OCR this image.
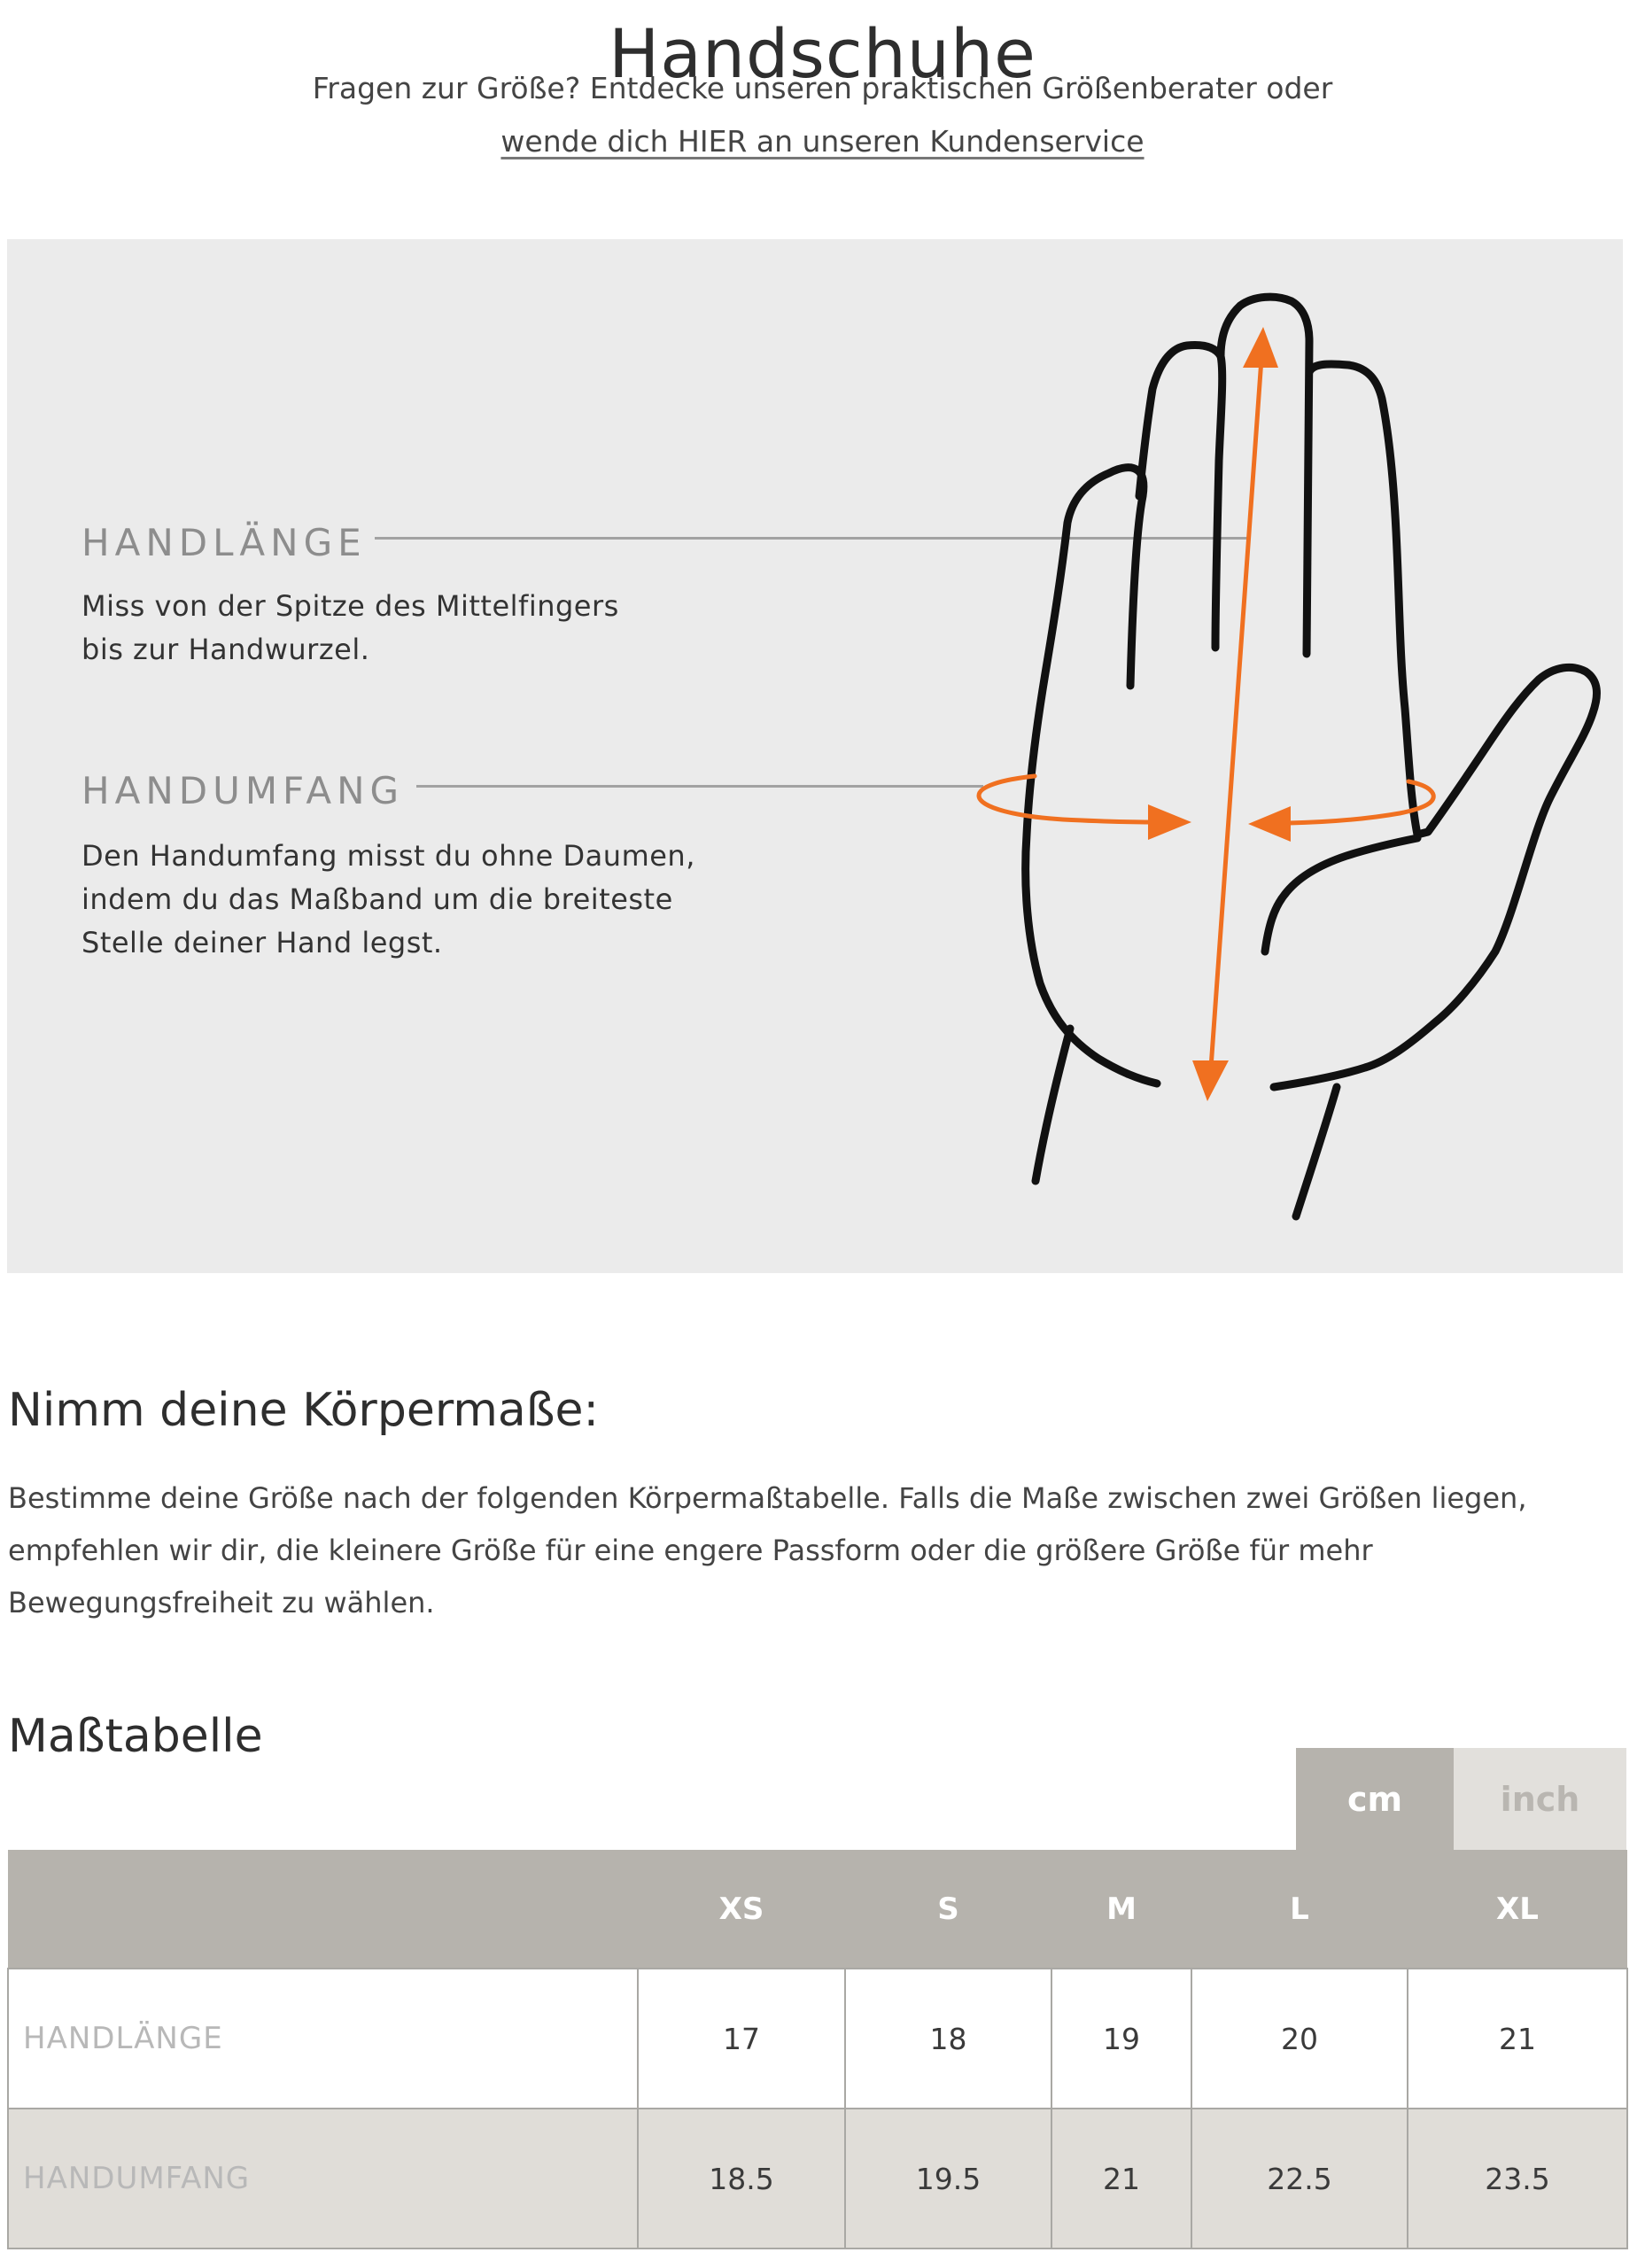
Handschuhe
Fragen zur Größe? Entdecke unseren praktischen Größenberater oder
wende dich HIER an unseren Kundenservice
HANDLÄNGE
Miss von der Spitze des Mittelfingers
bis zur Handwurzel.
HANDUMFANG
Den Handumfang misst du ohne Daumen,
indem du das Maßband um die breiteste
Stelle deiner Hand legst.
Nimm deine Körpermaße:

Bestimme deine Größe nach der folgenden Körpermaßtabelle. Falls die Maße zwischen zwei Größen liegen, empfehlen wir dir, die kleinere Größe für eine engere Passform oder die größere Größe für mehr Bewegungsfreiheit zu wählen.

Maßtabelle
cm	inch
	XS	S	M	L	XL
HANDLÄNGE	17	18	19	20	21
HANDUMFANG	18.5	19.5	21	22.5	23.5
